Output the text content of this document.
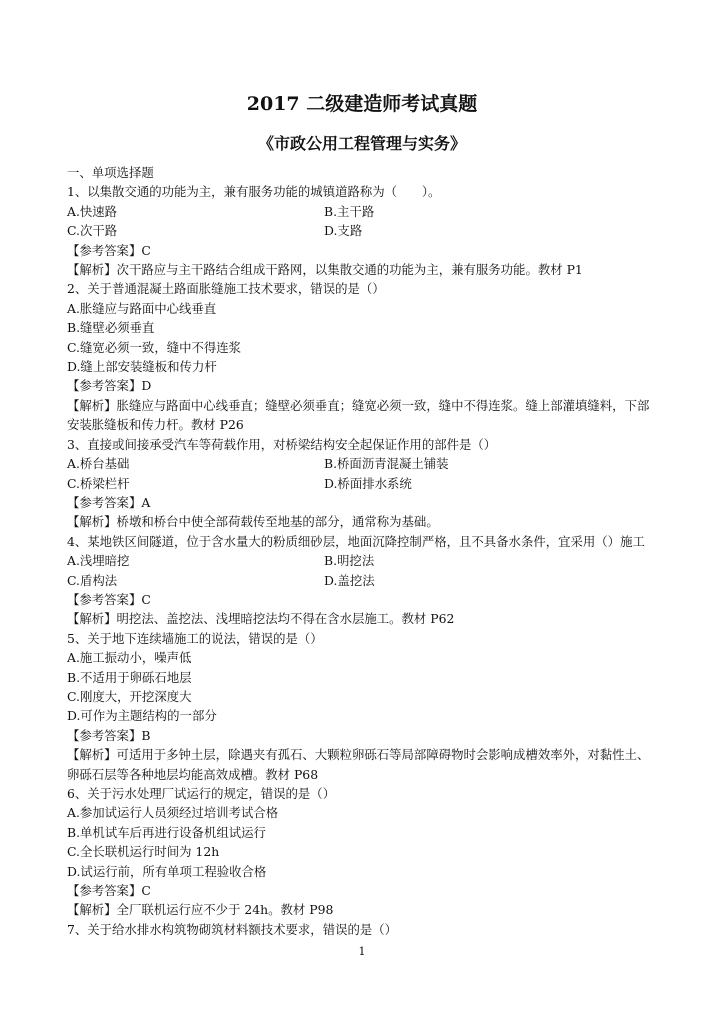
2017 二级建造师考试真题
《市政公用工程管理与实务》
一、单项选择题
1、以集散交通的功能为主，兼有服务功能的城镇道路称为（　　）。
A.快速路	B.主干路
C.次干路	D.支路
【参考答案】C
【解析】次干路应与主干路结合组成干路网，以集散交通的功能为主，兼有服务功能。教材 P1
2、关于普通混凝土路面胀缝施工技术要求，错误的是（）
A.胀缝应与路面中心线垂直
B.缝壁必须垂直
C.缝宽必须一致，缝中不得连浆
D.缝上部安装缝板和传力杆
【参考答案】D
【解析】胀缝应与路面中心线垂直；缝壁必须垂直；缝宽必须一致，缝中不得连浆。缝上部灌填缝料，下部安装胀缝板和传力杆。教材 P26
3、直接或间接承受汽车等荷载作用，对桥梁结构安全起保证作用的部件是（）
A.桥台基础	B.桥面沥青混凝土铺装
C.桥梁栏杆	D.桥面排水系统
【参考答案】A
【解析】桥墩和桥台中使全部荷载传至地基的部分，通常称为基础。
4、某地铁区间隧道，位于含水量大的粉质细砂层，地面沉降控制严格，且不具备水条件，宜采用（）施工
A.浅埋暗挖	B.明挖法
C.盾构法	D.盖挖法
【参考答案】C
【解析】明挖法、盖挖法、浅埋暗挖法均不得在含水层施工。教材 P62
5、关于地下连续墙施工的说法，错误的是（）
A.施工振动小，噪声低
B.不适用于卵砾石地层
C.刚度大，开挖深度大
D.可作为主题结构的一部分
【参考答案】B
【解析】可适用于多钟土层，除遇夹有孤石、大颗粒卵砾石等局部障碍物时会影响成槽效率外，对黏性土、卵砾石层等各种地层均能高效成槽。教材 P68
6、关于污水处理厂试运行的规定，错误的是（）
A.参加试运行人员须经过培训考试合格
B.单机试车后再进行设备机组试运行
C.全长联机运行时间为 12h
D.试运行前，所有单项工程验收合格
【参考答案】C
【解析】全厂联机运行应不少于 24h。教材 P98
7、关于给水排水构筑物砌筑材料额技术要求，错误的是（）
1
